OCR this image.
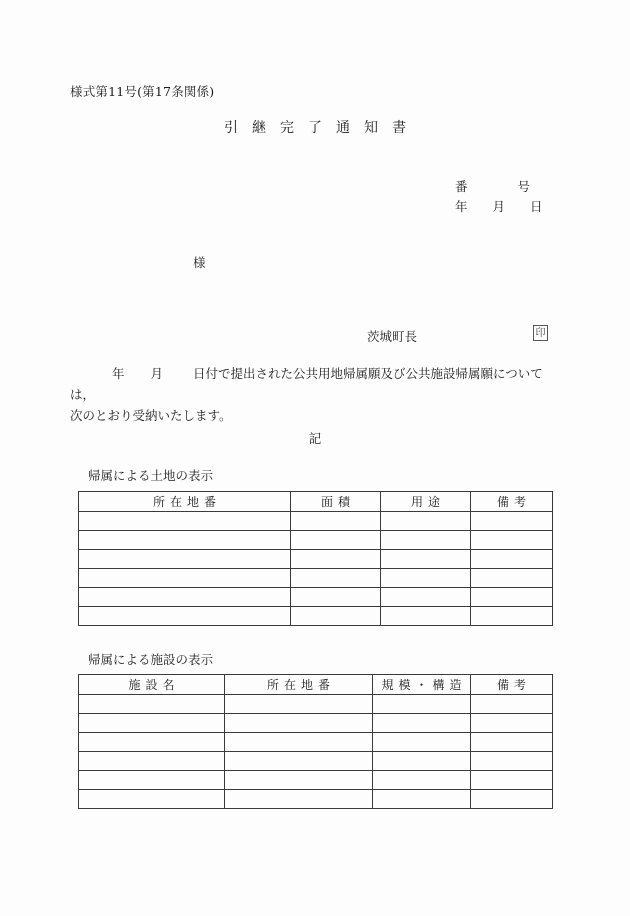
様式第11号(第17条関係)
引継完了通知書
番　　　　号
年　　月　　日
様
茨城町長	印
年 月 日付で提出された公共用地帰属願及び公共施設帰属願については，
次のとおり受納いたします。
記
帰属による土地の表示
所在地番	面積	用途	備考

帰属による施設の表示
施設名	所在地番	規模・構造	備考
